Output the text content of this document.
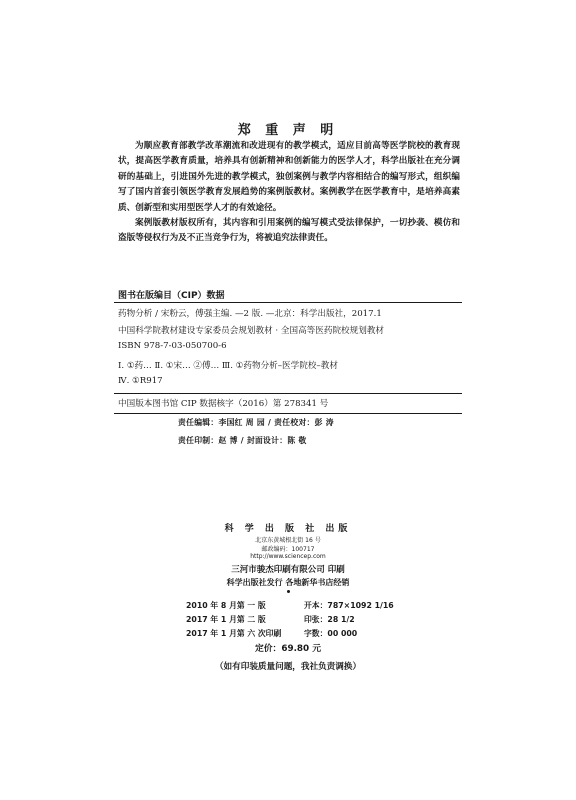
郑 重 声 明

为顺应教育部教学改革潮流和改进现有的教学模式，适应目前高等医学院校的教育现状，提高医学教育质量，培养具有创新精神和创新能力的医学人才，科学出版社在充分调研的基础上，引进国外先进的教学模式，独创案例与教学内容相结合的编写形式，组织编写了国内首套引领医学教育发展趋势的案例版教材。案例教学在医学教育中，是培养高素质、创新型和实用型医学人才的有效途径。

案例版教材版权所有，其内容和引用案例的编写模式受法律保护，一切抄袭、模仿和盗版等侵权行为及不正当竞争行为，将被追究法律责任。

图书在版编目（CIP）数据
药物分析 / 宋粉云，傅强主编. —2 版. —北京：科学出版社，2017.1
中国科学院教材建设专家委员会规划教材 · 全国高等医药院校规划教材
ISBN 978-7-03-050700-6
Ⅰ. ①药… Ⅱ. ①宋… ②傅… Ⅲ. ①药物分析–医学院校–教材
Ⅳ. ①R917
中国版本图书馆 CIP 数据核字（2016）第 278341 号
责任编辑：李国红 周 园 / 责任校对：彭 涛
责任印制：赵 博 / 封面设计：陈 敬
科 学 出 版 社 出版
北京东黄城根北街 16 号
邮政编码：100717
http://www.sciencep.com
三河市骏杰印刷有限公司 印刷
科学出版社发行 各地新华书店经销
2010 年 8 月第 一 版	开本：787×1092 1/16
2017 年 1 月第 二 版	印张：28 1/2
2017 年 1 月第 六 次印刷	字数：00 000
定价：69.80 元
（如有印装质量问题，我社负责调换）
